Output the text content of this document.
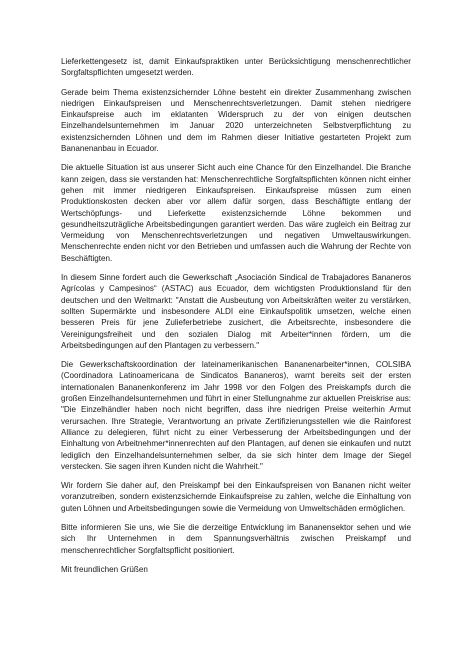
Lieferkettengesetz ist, damit Einkaufspraktiken unter Berücksichtigung menschenrechtlicher Sorgfaltspflichten umgesetzt werden.

Gerade beim Thema existenzsichernder Löhne besteht ein direkter Zusammenhang zwischen niedrigen Einkaufspreisen und Menschenrechtsverletzungen. Damit stehen niedrigere Einkaufspreise auch im eklatanten Widerspruch zu der von einigen deutschen Einzelhandelsunternehmen im Januar 2020 unterzeichneten Selbstverpflichtung zu existenzsichernden Löhnen und dem im Rahmen dieser Initiative gestarteten Projekt zum Bananenanbau in Ecuador.

Die aktuelle Situation ist aus unserer Sicht auch eine Chance für den Einzelhandel. Die Branche kann zeigen, dass sie verstanden hat: Menschenrechtliche Sorgfaltspflichten können nicht einher gehen mit immer niedrigeren Einkaufspreisen. Einkaufspreise müssen zum einen Produktionskosten decken aber vor allem dafür sorgen, dass Beschäftigte entlang der Wertschöpfungs- und Lieferkette existenzsichernde Löhne bekommen und gesundheitszuträgliche Arbeitsbedingungen garantiert werden. Das wäre zugleich ein Beitrag zur Vermeidung von Menschenrechtsverletzungen und negativen Umweltauswirkungen. Menschenrechte enden nicht vor den Betrieben und umfassen auch die Wahrung der Rechte von Beschäftigten.

In diesem Sinne fordert auch die Gewerkschaft „Asociación Sindical de Trabajadores Bananeros Agrícolas y Campesinos“ (ASTAC) aus Ecuador, dem wichtigsten Produktionsland für den deutschen und den Weltmarkt: "Anstatt die Ausbeutung von Arbeitskräften weiter zu verstärken, sollten Supermärkte und insbesondere ALDI eine Einkaufspolitik umsetzen, welche einen besseren Preis für jene Zulieferbetriebe zusichert, die Arbeitsrechte, insbesondere die Vereinigungsfreiheit und den sozialen Dialog mit Arbeiter*innen fördern, um die Arbeitsbedingungen auf den Plantagen zu verbessern."

Die Gewerkschaftskoordination der lateinamerikanischen Bananenarbeiter*innen, COLSIBA (Coordinadora Latinoamericana de Sindicatos Bananeros), warnt bereits seit der ersten internationalen Bananenkonferenz im Jahr 1998 vor den Folgen des Preiskampfs durch die großen Einzelhandelsunternehmen und führt in einer Stellungnahme zur aktuellen Preiskrise aus: "Die Einzelhändler haben noch nicht begriffen, dass ihre niedrigen Preise weiterhin Armut verursachen. Ihre Strategie, Verantwortung an private Zertifizierungsstellen wie die Rainforest Alliance zu delegieren, führt nicht zu einer Verbesserung der Arbeitsbedingungen und der Einhaltung von Arbeitnehmer*innenrechten auf den Plantagen, auf denen sie einkaufen und nutzt lediglich den Einzelhandelsunternehmen selber, da sie sich hinter dem Image der Siegel verstecken. Sie sagen ihren Kunden nicht die Wahrheit."

Wir fordern Sie daher auf, den Preiskampf bei den Einkaufspreisen von Bananen nicht weiter voranzutreiben, sondern existenzsichernde Einkaufspreise zu zahlen, welche die Einhaltung von guten Löhnen und Arbeitsbedingungen sowie die Vermeidung von Umweltschäden ermöglichen.

Bitte informieren Sie uns, wie Sie die derzeitige Entwicklung im Bananensektor sehen und wie sich Ihr Unternehmen in dem Spannungsverhältnis zwischen Preiskampf und menschenrechtlicher Sorgfaltspflicht positioniert.

Mit freundlichen Grüßen
